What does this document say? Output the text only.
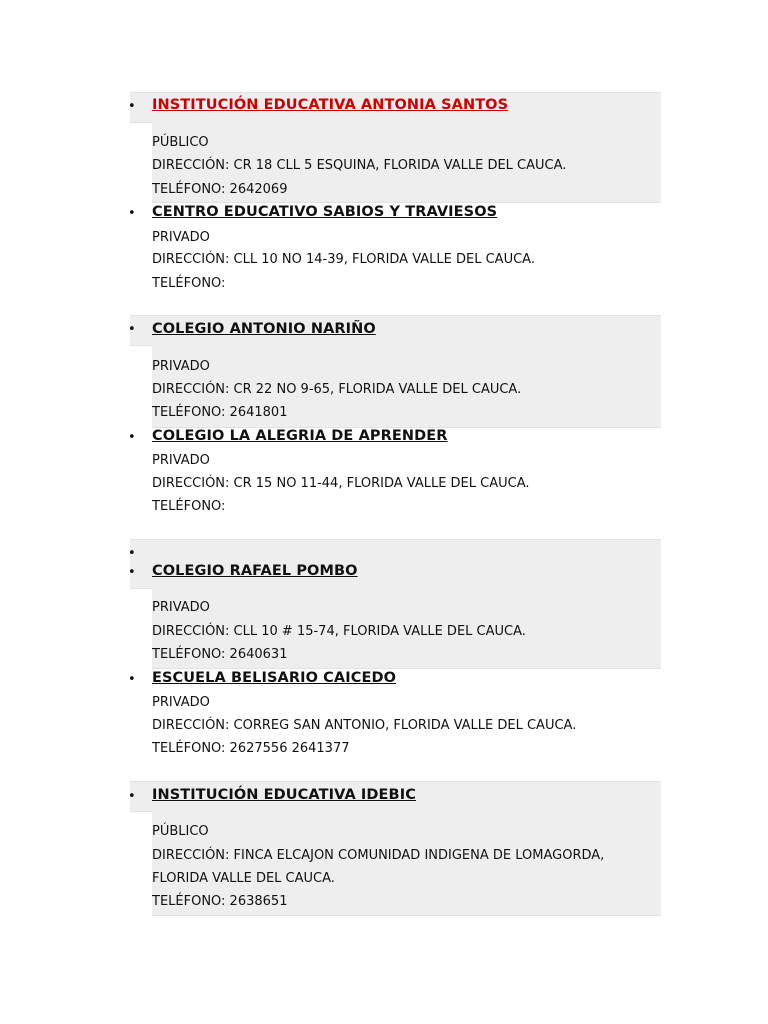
• INSTITUCIÓN EDUCATIVA ANTONIA SANTOS
PÚBLICO
DIRECCIÓN: CR 18 CLL 5 ESQUINA, FLORIDA VALLE DEL CAUCA.
TELÉFONO: 2642069
• CENTRO EDUCATIVO SABIOS Y TRAVIESOS
PRIVADO
DIRECCIÓN: CLL 10 NO 14-39, FLORIDA VALLE DEL CAUCA.
TELÉFONO:
• COLEGIO ANTONIO NARIÑO
PRIVADO
DIRECCIÓN: CR 22 NO 9-65, FLORIDA VALLE DEL CAUCA.
TELÉFONO: 2641801
• COLEGIO LA ALEGRIA DE APRENDER
PRIVADO
DIRECCIÓN: CR 15 NO 11-44, FLORIDA VALLE DEL CAUCA.
TELÉFONO:
•
• COLEGIO RAFAEL POMBO
PRIVADO
DIRECCIÓN: CLL 10 # 15-74, FLORIDA VALLE DEL CAUCA.
TELÉFONO: 2640631
• ESCUELA BELISARIO CAICEDO
PRIVADO
DIRECCIÓN: CORREG SAN ANTONIO, FLORIDA VALLE DEL CAUCA.
TELÉFONO: 2627556 2641377
• INSTITUCIÓN EDUCATIVA IDEBIC
PÚBLICO
DIRECCIÓN: FINCA ELCAJON COMUNIDAD INDIGENA DE LOMAGORDA,
FLORIDA VALLE DEL CAUCA.
TELÉFONO: 2638651
